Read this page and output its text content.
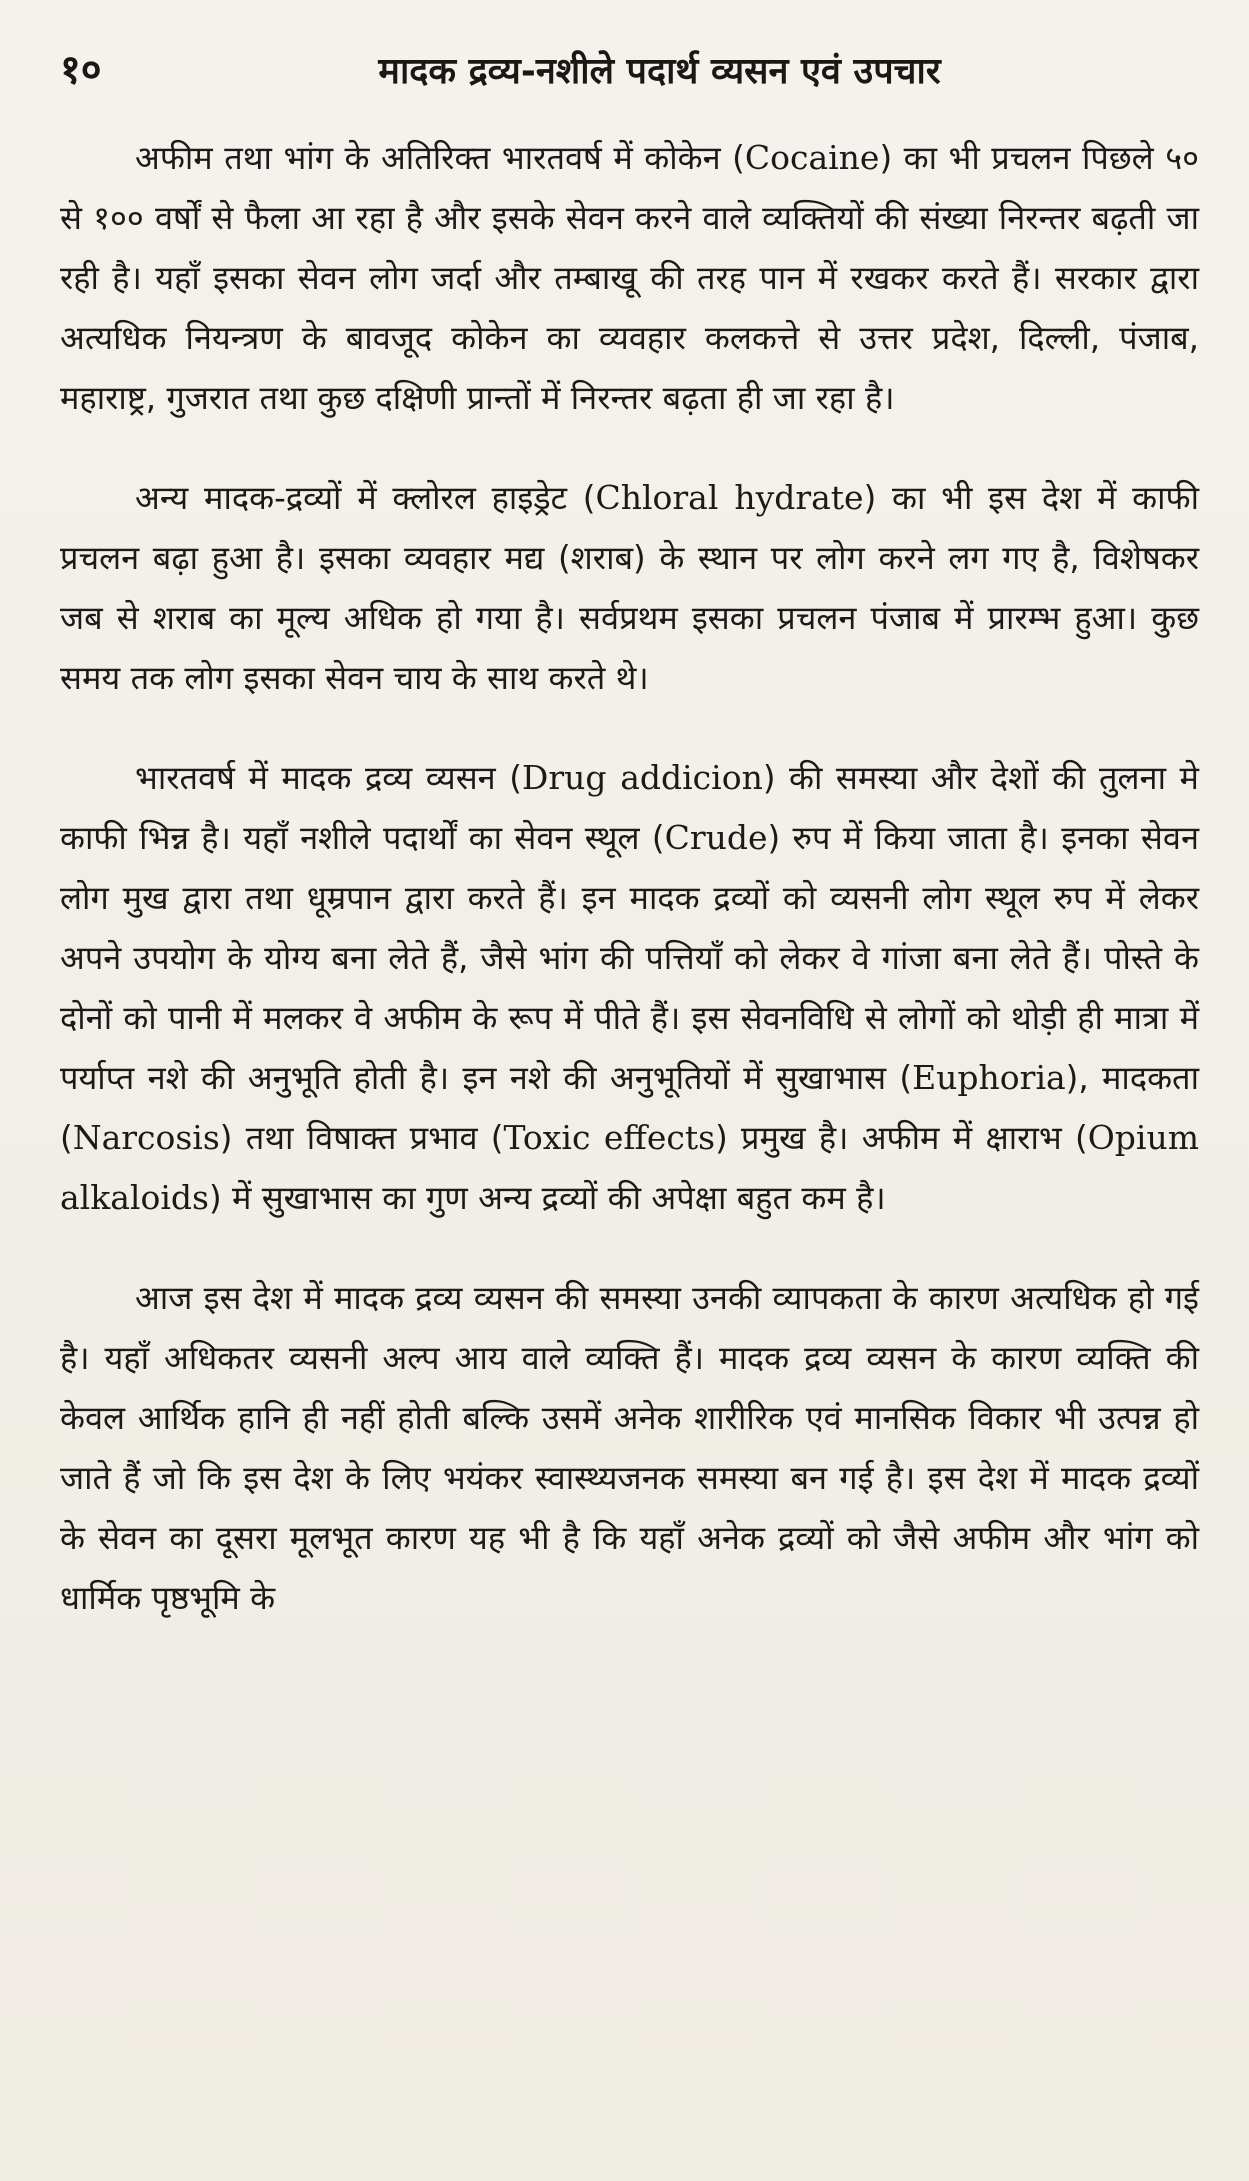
१०	मादक द्रव्य-नशीले पदार्थ व्यसन एवं उपचार

अफीम तथा भांग के अतिरिक्त भारतवर्ष में कोकेन (Cocaine) का भी प्रचलन पिछले ५० से १०० वर्षों से फैला आ रहा है और इसके सेवन करने वाले व्यक्तियों की संख्या निरन्तर बढ़ती जा रही है। यहाँ इसका सेवन लोग जर्दा और तम्बाखू की तरह पान में रखकर करते हैं। सरकार द्वारा अत्यधिक नियन्त्रण के बावजूद कोकेन का व्यवहार कलकत्ते से उत्तर प्रदेश, दिल्ली, पंजाब, महाराष्ट्र, गुजरात तथा कुछ दक्षिणी प्रान्तों में निरन्तर बढ़ता ही जा रहा है।

अन्य मादक-द्रव्यों में क्लोरल हाइड्रेट (Chloral hydrate) का भी इस देश में काफी प्रचलन बढ़ा हुआ है। इसका व्यवहार मद्य (शराब) के स्थान पर लोग करने लग गए है, विशेषकर जब से शराब का मूल्य अधिक हो गया है। सर्वप्रथम इसका प्रचलन पंजाब में प्रारम्भ हुआ। कुछ समय तक लोग इसका सेवन चाय के साथ करते थे।

भारतवर्ष में मादक द्रव्य व्यसन (Drug addicion) की समस्या और देशों की तुलना मे काफी भिन्न है। यहाँ नशीले पदार्थों का सेवन स्थूल (Crude) रुप में किया जाता है। इनका सेवन लोग मुख द्वारा तथा धूम्रपान द्वारा करते हैं। इन मादक द्रव्यों को व्यसनी लोग स्थूल रुप में लेकर अपने उपयोग के योग्य बना लेते हैं, जैसे भांग की पत्तियाँ को लेकर वे गांजा बना लेते हैं। पोस्ते के दोनों को पानी में मलकर वे अफीम के रूप में पीते हैं। इस सेवनविधि से लोगों को थोड़ी ही मात्रा में पर्याप्त नशे की अनुभूति होती है। इन नशे की अनुभूतियों में सुखाभास (Euphoria), मादकता (Narcosis) तथा विषाक्त प्रभाव (Toxic effects) प्रमुख है। अफीम में क्षाराभ (Opium alkaloids) में सुखाभास का गुण अन्य द्रव्यों की अपेक्षा बहुत कम है।

आज इस देश में मादक द्रव्य व्यसन की समस्या उनकी व्यापकता के कारण अत्यधिक हो गई है। यहाँ अधिकतर व्यसनी अल्प आय वाले व्यक्ति हैं। मादक द्रव्य व्यसन के कारण व्यक्ति की केवल आर्थिक हानि ही नहीं होती बल्कि उसमें अनेक शारीरिक एवं मानसिक विकार भी उत्पन्न हो जाते हैं जो कि इस देश के लिए भयंकर स्वास्थ्यजनक समस्या बन गई है। इस देश में मादक द्रव्यों के सेवन का दूसरा मूलभूत कारण यह भी है कि यहाँ अनेक द्रव्यों को जैसे अफीम और भांग को धार्मिक पृष्ठभूमि के
